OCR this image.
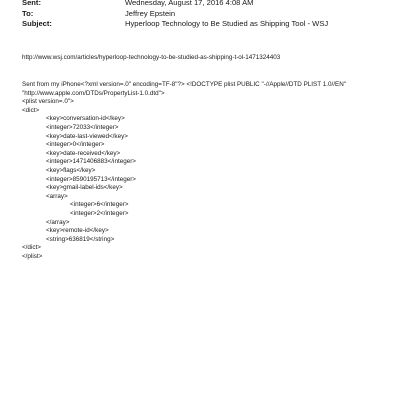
Sent:	Wednesday, August 17, 2016 4:08 AM
To:	Jeffrey Epstein
Subject:	Hyperloop Technology to Be Studied as Shipping Tool - WSJ
http://www.wsj.com/articles/hyperloop-technology-to-be-studied-as-shipping-t-ol-1471324403
Sent from my iPhone<?xml version=.0" encoding=TF-8"?> <!DOCTYPE plist PUBLIC "-//Apple//DTD PLIST 1.0//EN"
"http://www.apple.com/DTDs/PropertyList-1.0.dtd">
<plist version=.0">
<dict>
<key>conversation-id</key>
<integer>72033</integer>
<key>date-last-viewed</key>
<integer>0</integer>
<key>date-received</key>
<integer>1471406883</integer>
<key>flags</key>
<integer>8590195713</integer>
<key>gmail-label-ids</key>
<array>
<integer>6</integer>
<integer>2</integer>
</array>
<key>remote-id</key>
<string>636819</string>
</dict>
</plist>
